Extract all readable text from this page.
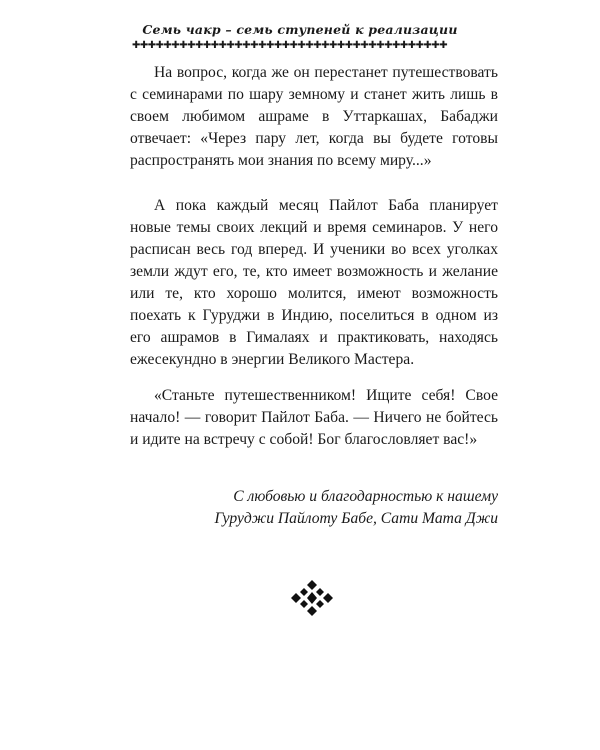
Семь чакр – семь ступеней к реализации
✚✚✚✚✚✚✚✚✚✚✚✚✚✚✚✚✚✚✚✚✚✚✚✚✚✚✚✚✚✚✚✚✚✚✚✚✚✚✚✚

На вопрос, когда же он перестанет путешествовать с семинарами по шару земному и станет жить лишь в своем любимом ашраме в Уттаркашах, Бабаджи отвечает: «Через пару лет, когда вы будете готовы распространять мои знания по всему миру...»

А пока каждый месяц Пайлот Баба планирует новые темы своих лекций и время семинаров. У него расписан весь год вперед. И ученики во всех уголках земли ждут его, те, кто имеет возможность и желание или те, кто хорошо молится, имеют возможность поехать к Гуруджи в Индию, поселиться в одном из его ашрамов в Гималаях и практиковать, находясь ежесекундно в энергии Великого Мастера.

«Станьте путешественником! Ищите себя! Свое начало! — говорит Пайлот Баба. — Ничего не бойтесь и идите на встречу с собой! Бог благословляет вас!»

С любовью и благодарностью к нашему
Гуруджи Пайлоту Бабе, Сати Мата Джи
